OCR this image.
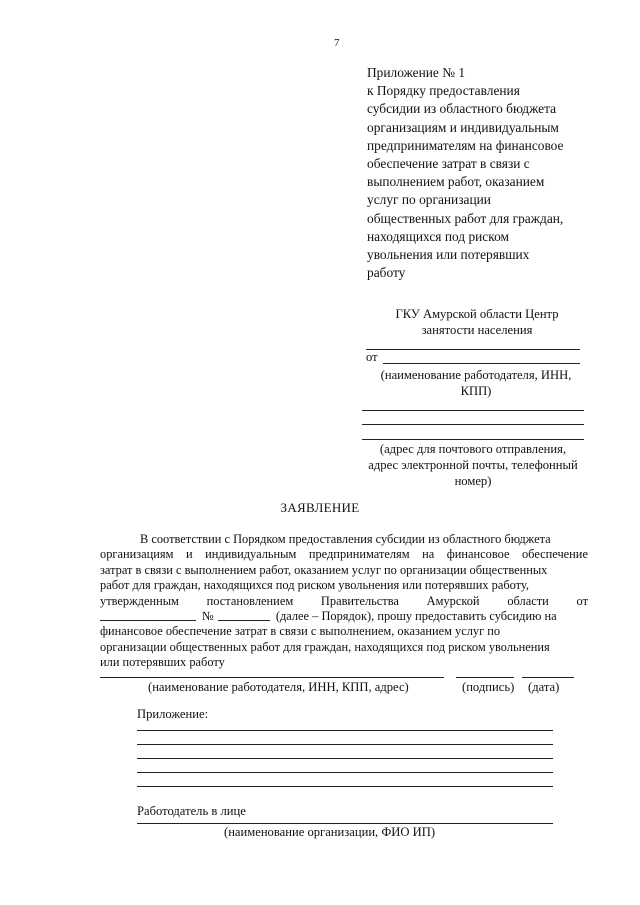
7
Приложение № 1
к Порядку предоставления
субсидии из областного бюджета
организациям и индивидуальным
предпринимателям на финансовое
обеспечение затрат в связи с
выполнением работ, оказанием
услуг по организации
общественных работ для граждан,
находящихся под риском
увольнения или потерявших
работу
ГКУ Амурской области Центр
занятости населения
от
(наименование работодателя, ИНН,
КПП)
(адрес для почтового отправления,
адрес электронной почты, телефонный
номер)
ЗАЯВЛЕНИЕ
В соответствии с Порядком предоставления субсидии из областного бюджета
организациям и индивидуальным предпринимателям на финансовое обеспечение
затрат в связи с выполнением работ, оказанием услуг по организации общественных
работ для граждан, находящихся под риском увольнения или потерявших работу,
утвержденным постановлением Правительства Амурской области от
№	(далее – Порядок), прошу предоставить субсидию на
финансовое обеспечение затрат в связи с выполнением, оказанием услуг по
организации общественных работ для граждан, находящихся под риском увольнения
или потерявших работу
(наименование работодателя, ИНН, КПП, адрес)	(подпись) (дата)
Приложение:
Работодатель в лице
(наименование организации, ФИО ИП)
